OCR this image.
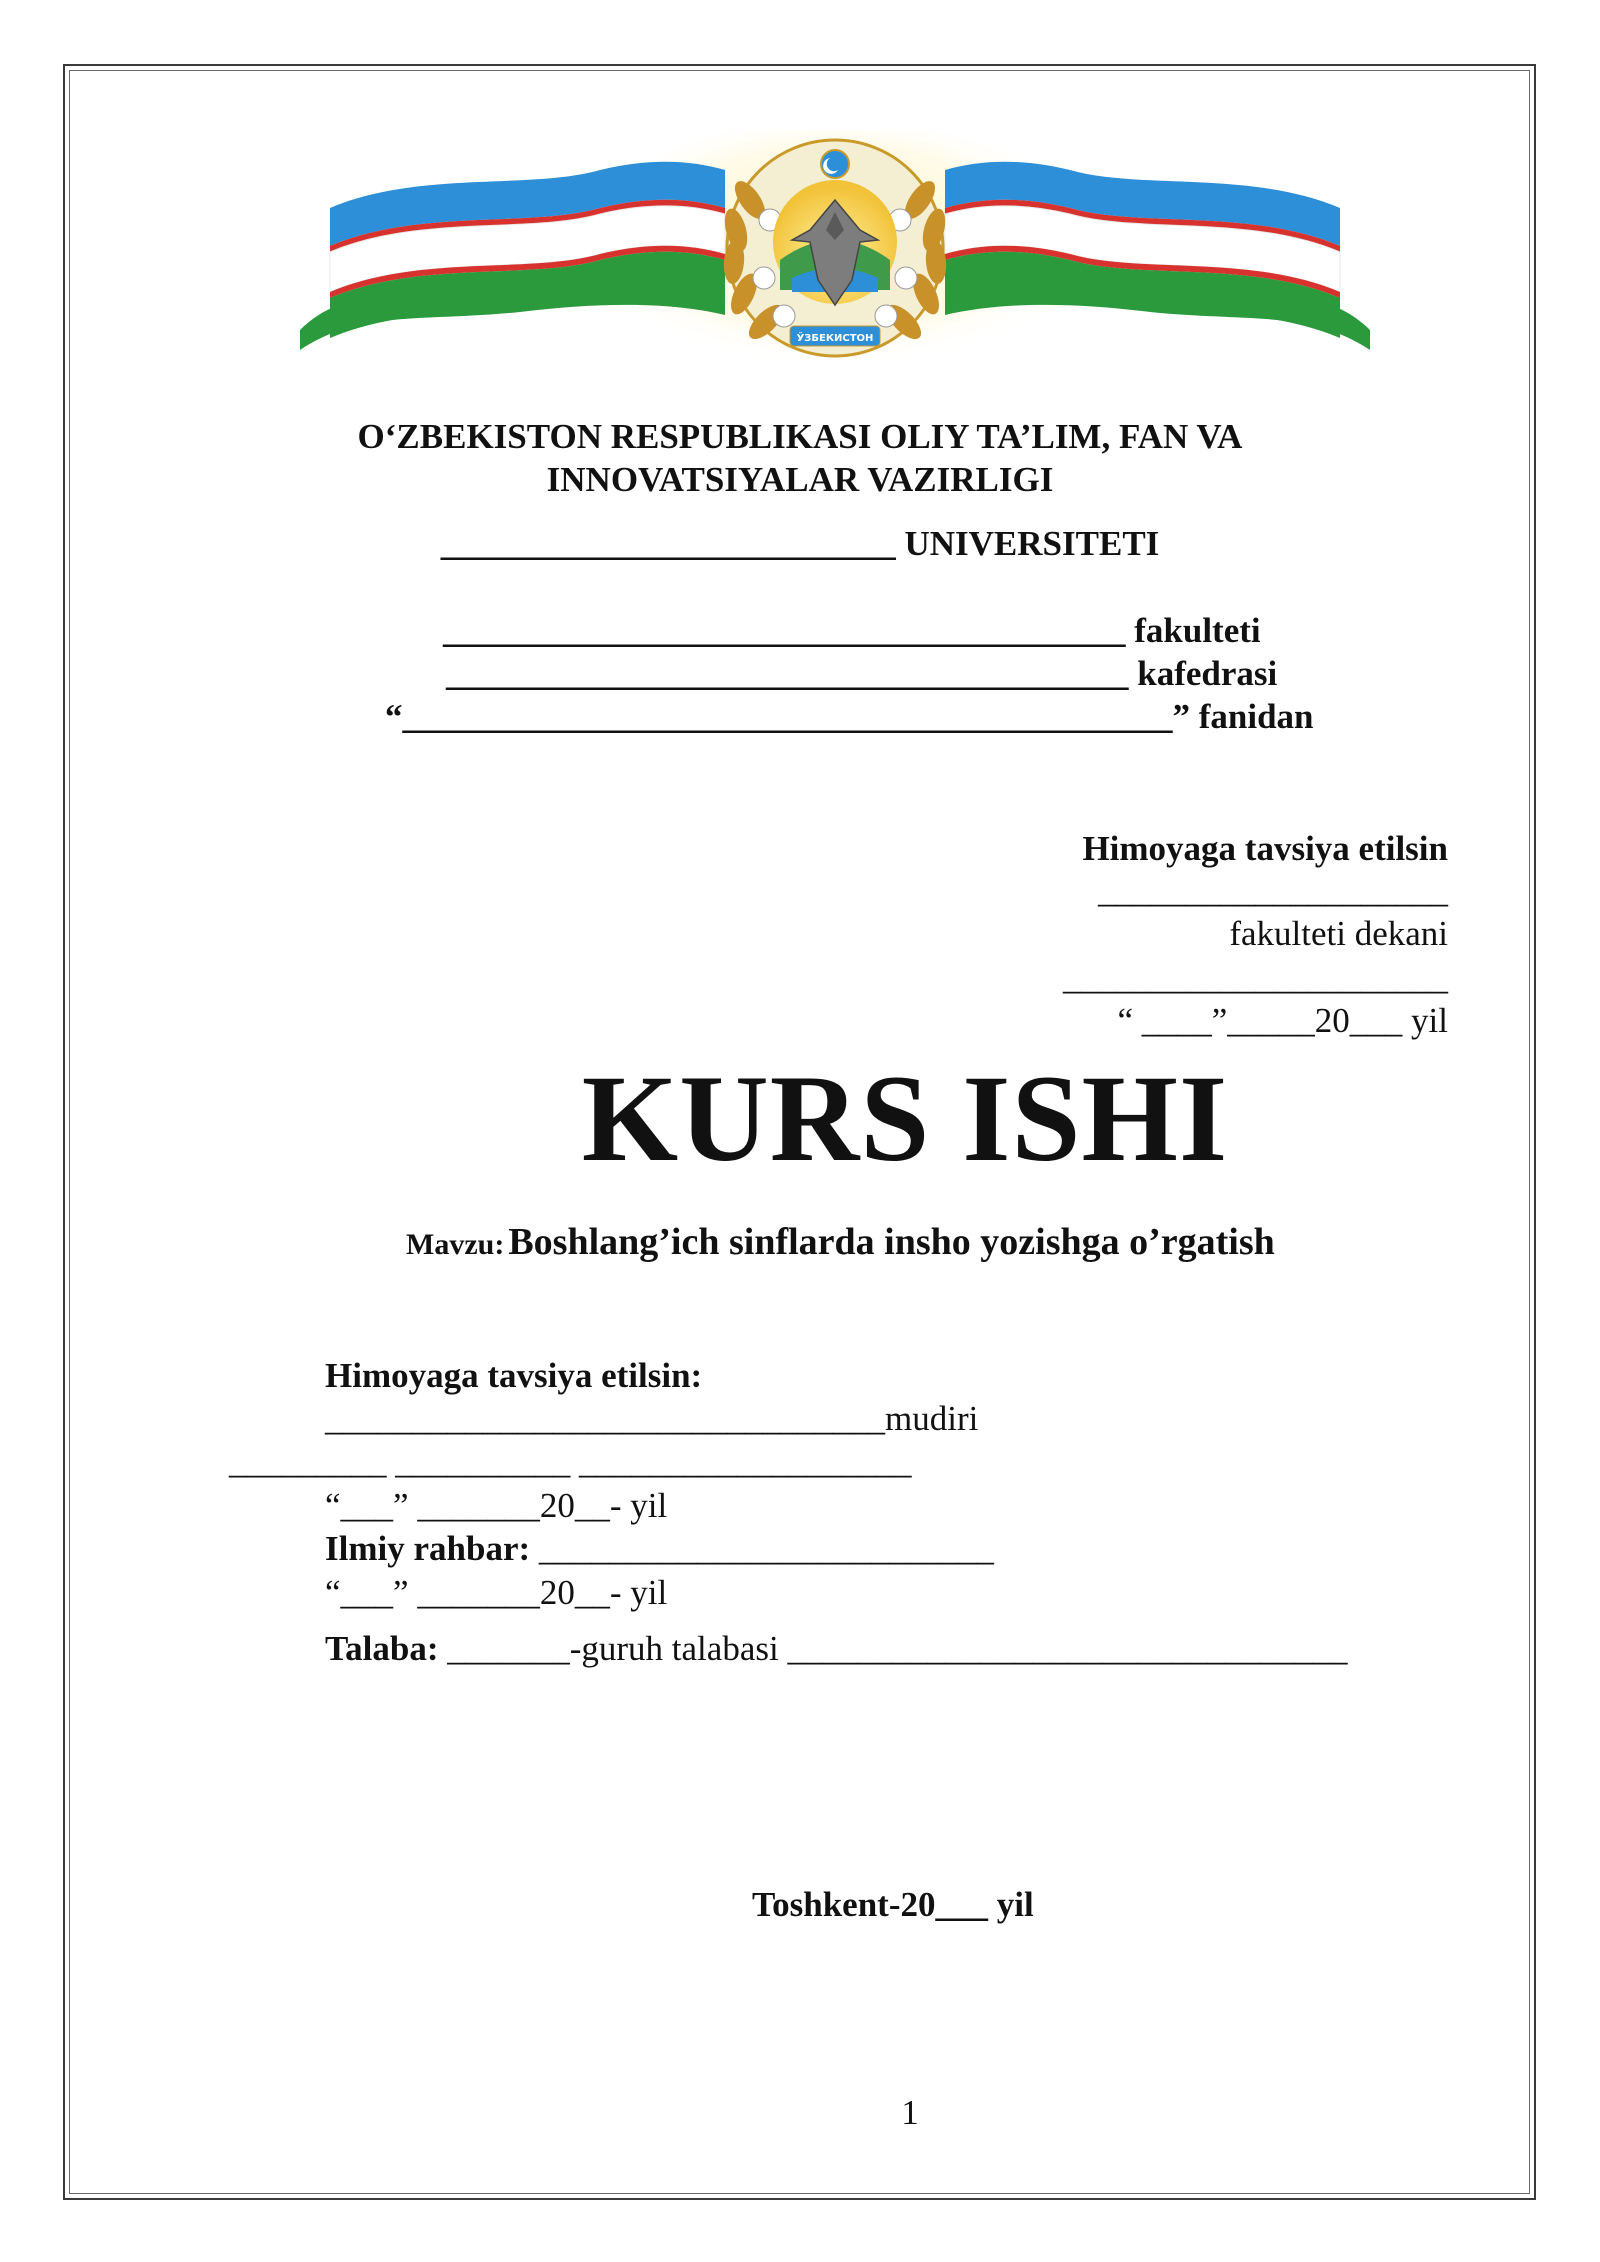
ЎЗБЕКИСТОН
O‘ZBEKISTON RESPUBLIKASI OLIY TA’LIM, FAN VA
INNOVATSIYALAR VAZIRLIGI
__________________________ UNIVERSITETI
_______________________________________ fakulteti
_______________________________________ kafedrasi
“____________________________________________” fanidan
Himoyaga tavsiya etilsin
____________________
fakulteti dekani
______________________
“ ____”_____20___ yil
KURS ISHI
Mavzu: Boshlang’ich sinflarda insho yozishga o’rgatish
Himoyaga tavsiya etilsin:
________________________________mudiri
_________ __________ ___________________
“___” _______20__- yil
Ilmiy rahbar: __________________________
“___” _______20__- yil
Talaba: _______-guruh talabasi ________________________________
Toshkent-20___ yil
1
